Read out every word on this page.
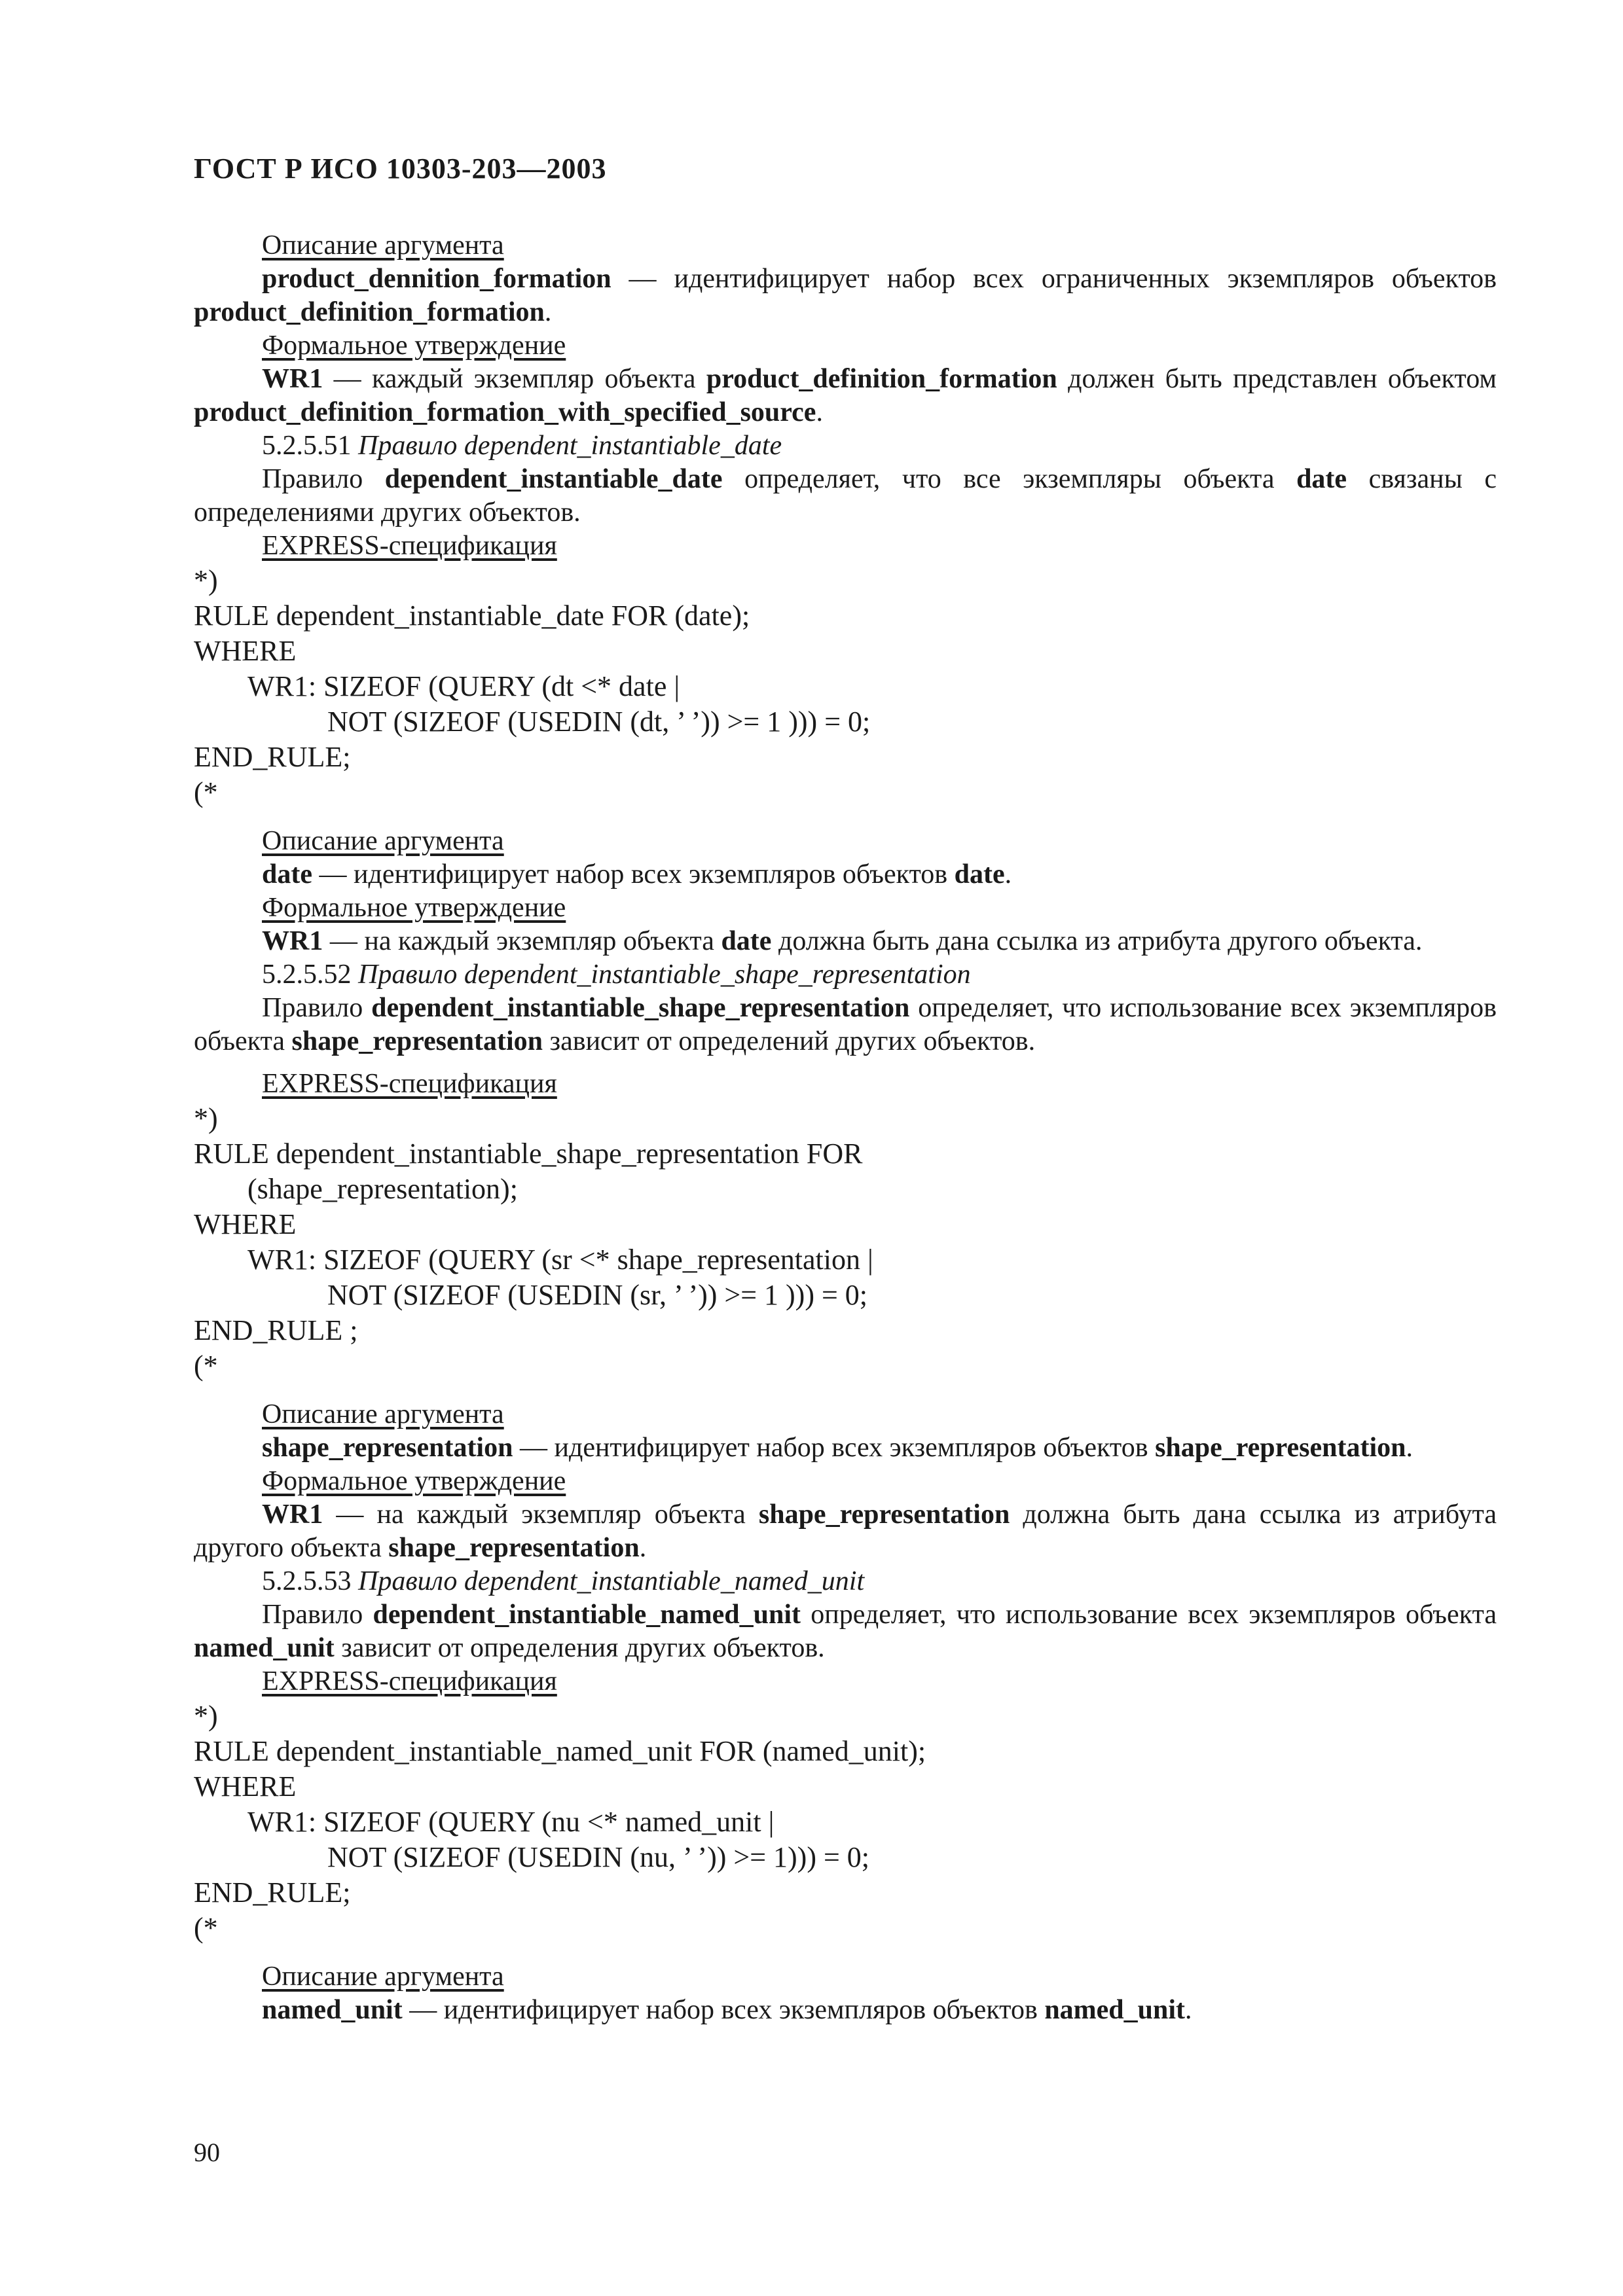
ГОСТ Р ИСО 10303-203—2003

Описание аргумента

product_dennition_formation — идентифицирует набор всех ограниченных экземпляров объектов product_definition_formation.

Формальное утверждение

WR1 — каждый экземпляр объекта product_definition_formation должен быть представлен объектом product_definition_formation_with_specified_source.

5.2.5.51 Правило dependent_instantiable_date

Правило dependent_instantiable_date определяет, что все экземпляры объекта date связаны с определениями других объектов.

EXPRESS-спецификация

*)

RULE dependent_instantiable_date FOR (date);

WHERE

WR1: SIZEOF (QUERY (dt <* date |

NOT (SIZEOF (USEDIN (dt, ’ ’)) >= 1 ))) = 0;

END_RULE;

(*

Описание аргумента

date — идентифицирует набор всех экземпляров объектов date.

Формальное утверждение

WR1 — на каждый экземпляр объекта date должна быть дана ссылка из атрибута другого объекта.

5.2.5.52 Правило dependent_instantiable_shape_representation

Правило dependent_instantiable_shape_representation определяет, что использование всех экземпляров объекта shape_representation зависит от определений других объектов.

EXPRESS-спецификация

*)

RULE dependent_instantiable_shape_representation FOR

(shape_representation);

WHERE

WR1: SIZEOF (QUERY (sr <* shape_representation |

NOT (SIZEOF (USEDIN (sr, ’ ’)) >= 1 ))) = 0;

END_RULE ;

(*

Описание аргумента

shape_representation — идентифицирует набор всех экземпляров объектов shape_representation.

Формальное утверждение

WR1 — на каждый экземпляр объекта shape_representation должна быть дана ссылка из атрибута другого объекта shape_representation.

5.2.5.53 Правило dependent_instantiable_named_unit

Правило dependent_instantiable_named_unit определяет, что использование всех экземпляров объекта named_unit зависит от определения других объектов.

EXPRESS-спецификация

*)

RULE dependent_instantiable_named_unit FOR (named_unit);

WHERE

WR1: SIZEOF (QUERY (nu <* named_unit |

NOT (SIZEOF (USEDIN (nu, ’ ’)) >= 1))) = 0;

END_RULE;

(*

Описание аргумента

named_unit — идентифицирует набор всех экземпляров объектов named_unit.

90
